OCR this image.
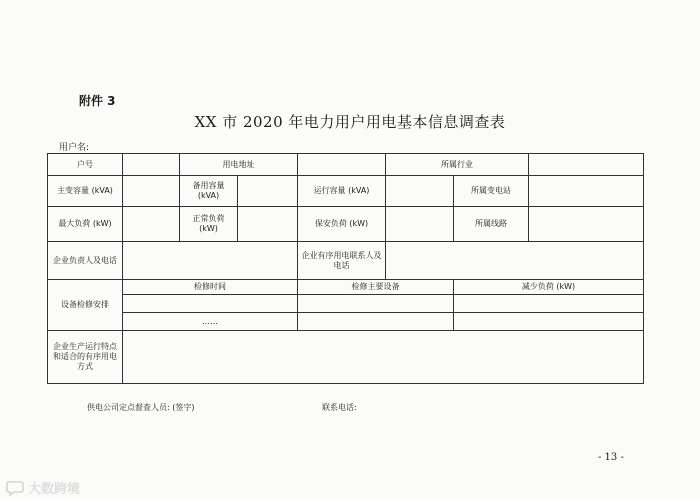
附件 3
XX 市 2020 年电力用户用电基本信息调查表
用户名:
户号		用电地址			所属行业		
主变容量 (kVA)		备用容量 (kVA)		运行容量 (kVA)		所属变电站	
最大负荷 (kW)		正常负荷 (kW)		保安负荷 (kW)		所属线路	
企业负责人及电话				企业有序用电联系人及电话			
设备检修安排	检修时间			检修主要设备		减少负荷 (kW)	

	……						
企业生产运行特点和适合的有序用电方式							
供电公司定点督查人员: (签字)	联系电话:
- 13 -
大数跨境
